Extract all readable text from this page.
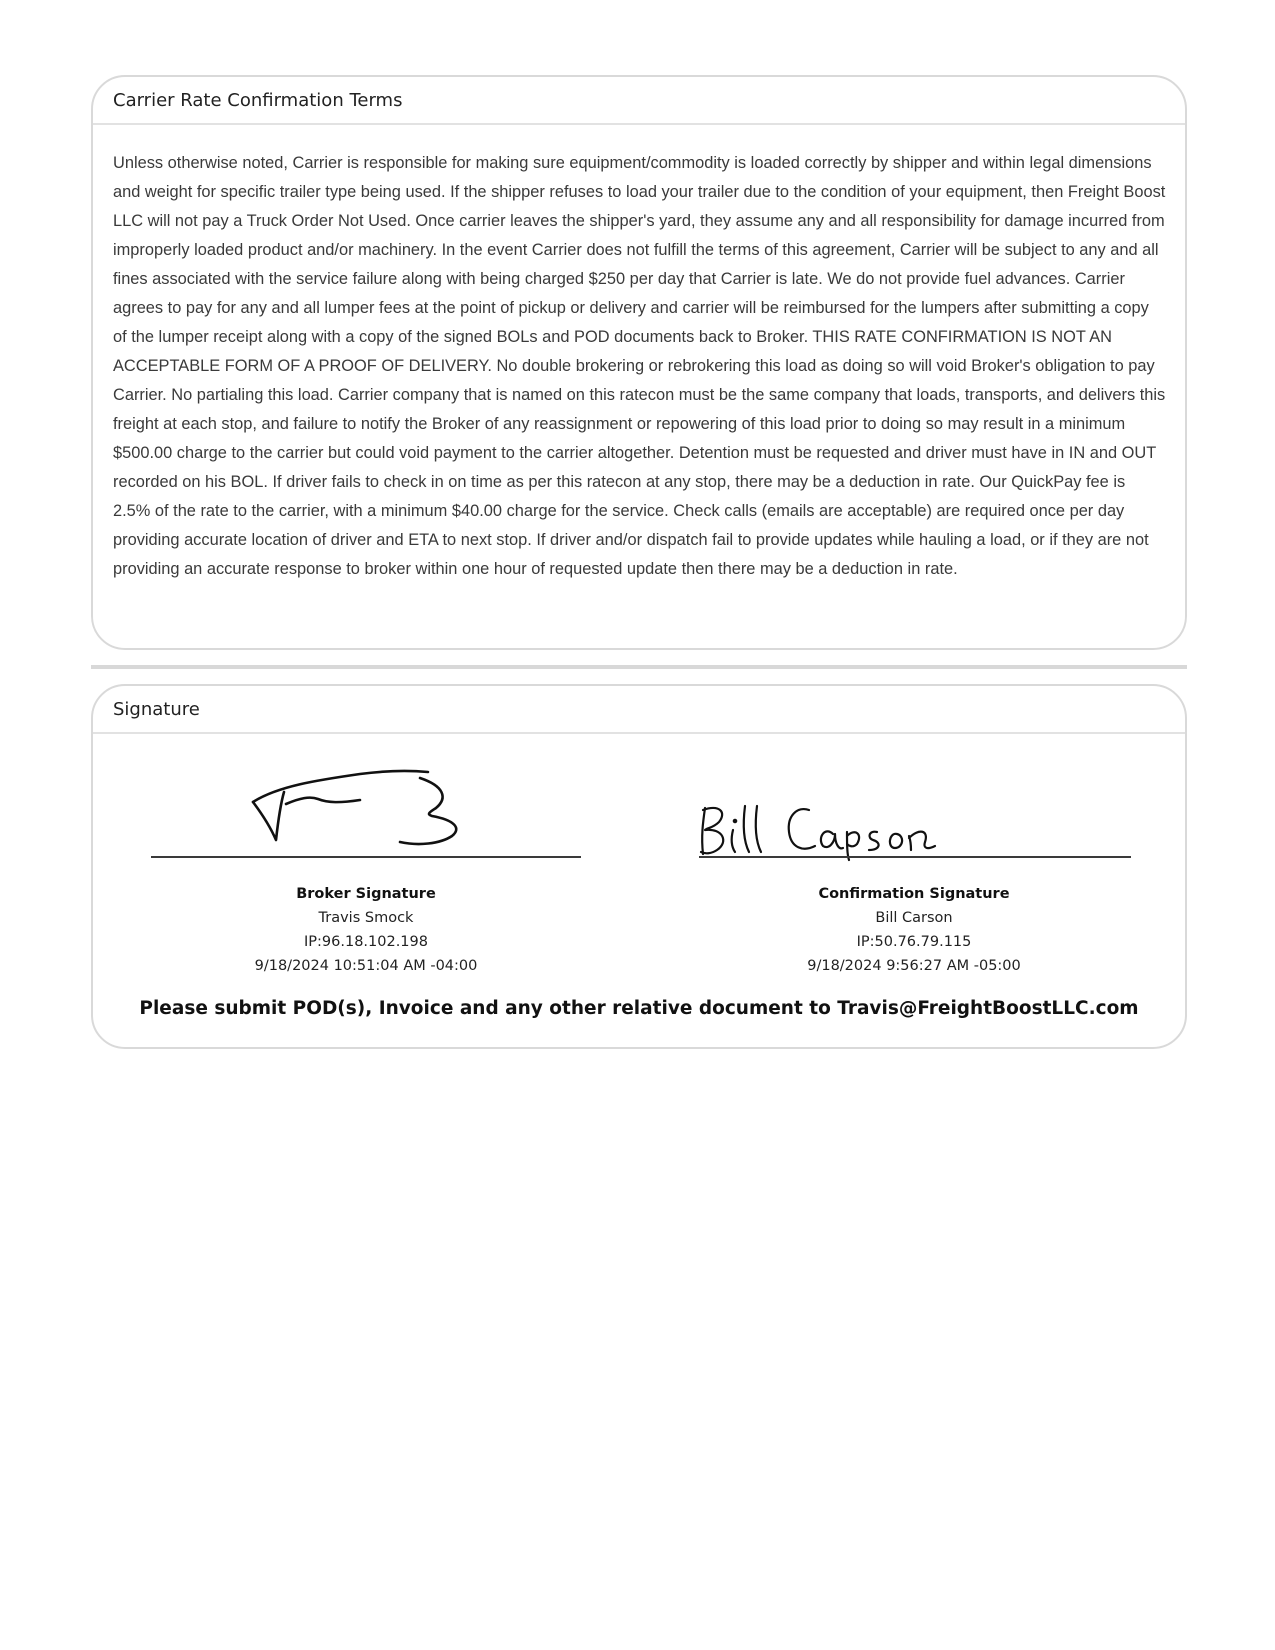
Carrier Rate Confirmation Terms

Unless otherwise noted, Carrier is responsible for making sure equipment/commodity is loaded correctly by shipper and within legal dimensions and weight for specific trailer type being used. If the shipper refuses to load your trailer due to the condition of your equipment, then Freight Boost LLC will not pay a Truck Order Not Used. Once carrier leaves the shipper's yard, they assume any and all responsibility for damage incurred from improperly loaded product and/or machinery. In the event Carrier does not fulfill the terms of this agreement, Carrier will be subject to any and all fines associated with the service failure along with being charged $250 per day that Carrier is late. We do not provide fuel advances. Carrier agrees to pay for any and all lumper fees at the point of pickup or delivery and carrier will be reimbursed for the lumpers after submitting a copy of the lumper receipt along with a copy of the signed BOLs and POD documents back to Broker. THIS RATE CONFIRMATION IS NOT AN ACCEPTABLE FORM OF A PROOF OF DELIVERY. No double brokering or rebrokering this load as doing so will void Broker's obligation to pay Carrier. No partialing this load. Carrier company that is named on this ratecon must be the same company that loads, transports, and delivers this freight at each stop, and failure to notify the Broker of any reassignment or repowering of this load prior to doing so may result in a minimum $500.00 charge to the carrier but could void payment to the carrier altogether. Detention must be requested and driver must have in IN and OUT recorded on his BOL. If driver fails to check in on time as per this ratecon at any stop, there may be a deduction in rate. Our QuickPay fee is 2.5% of the rate to the carrier, with a minimum $40.00 charge for the service. Check calls (emails are acceptable) are required once per day providing accurate location of driver and ETA to next stop. If driver and/or dispatch fail to provide updates while hauling a load, or if they are not providing an accurate response to broker within one hour of requested update then there may be a deduction in rate.

Signature
Broker Signature
Travis Smock
IP:96.18.102.198
9/18/2024 10:51:04 AM -04:00
Confirmation Signature
Bill Carson
IP:50.76.79.115
9/18/2024 9:56:27 AM -05:00
Please submit POD(s), Invoice and any other relative document to Travis@FreightBoostLLC.com
